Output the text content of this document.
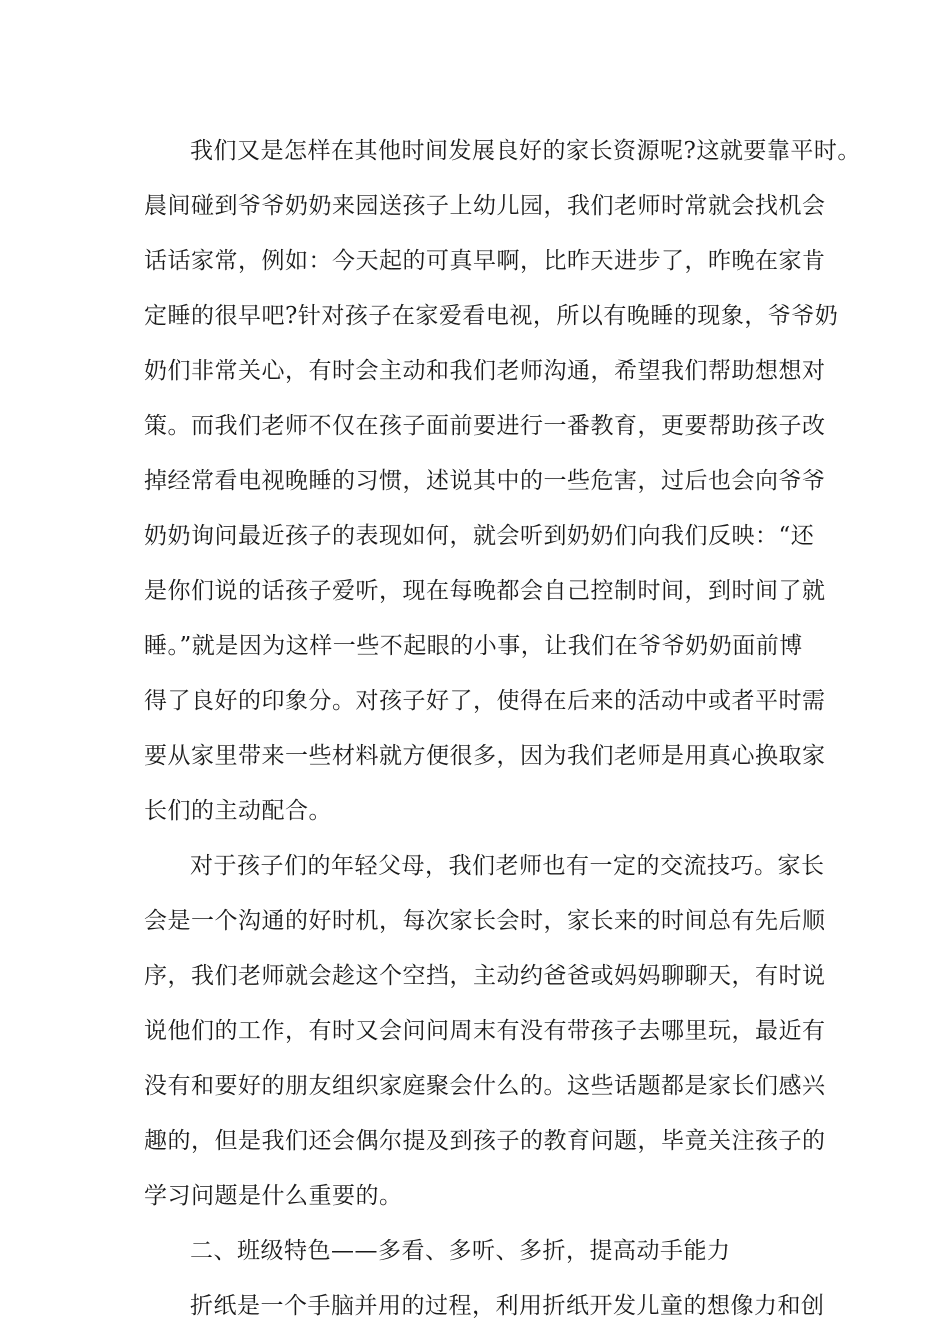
我们又是怎样在其他时间发展良好的家长资源呢?这就要靠平时。
晨间碰到爷爷奶奶来园送孩子上幼儿园，我们老师时常就会找机会
话话家常，例如：今天起的可真早啊，比昨天进步了，昨晚在家肯
定睡的很早吧?针对孩子在家爱看电视，所以有晚睡的现象，爷爷奶
奶们非常关心，有时会主动和我们老师沟通，希望我们帮助想想对
策。而我们老师不仅在孩子面前要进行一番教育，更要帮助孩子改
掉经常看电视晚睡的习惯，述说其中的一些危害，过后也会向爷爷
奶奶询问最近孩子的表现如何，就会听到奶奶们向我们反映：“还
是你们说的话孩子爱听，现在每晚都会自己控制时间，到时间了就
睡。”就是因为这样一些不起眼的小事，让我们在爷爷奶奶面前博
得了良好的印象分。对孩子好了，使得在后来的活动中或者平时需
要从家里带来一些材料就方便很多，因为我们老师是用真心换取家
长们的主动配合。

对于孩子们的年轻父母，我们老师也有一定的交流技巧。家长
会是一个沟通的好时机，每次家长会时，家长来的时间总有先后顺
序，我们老师就会趁这个空挡，主动约爸爸或妈妈聊聊天，有时说
说他们的工作，有时又会问问周末有没有带孩子去哪里玩，最近有
没有和要好的朋友组织家庭聚会什么的。这些话题都是家长们感兴
趣的，但是我们还会偶尔提及到孩子的教育问题，毕竟关注孩子的
学习问题是什么重要的。

二、班级特色——多看、多听、多折，提高动手能力

折纸是一个手脑并用的过程，利用折纸开发儿童的想像力和创
